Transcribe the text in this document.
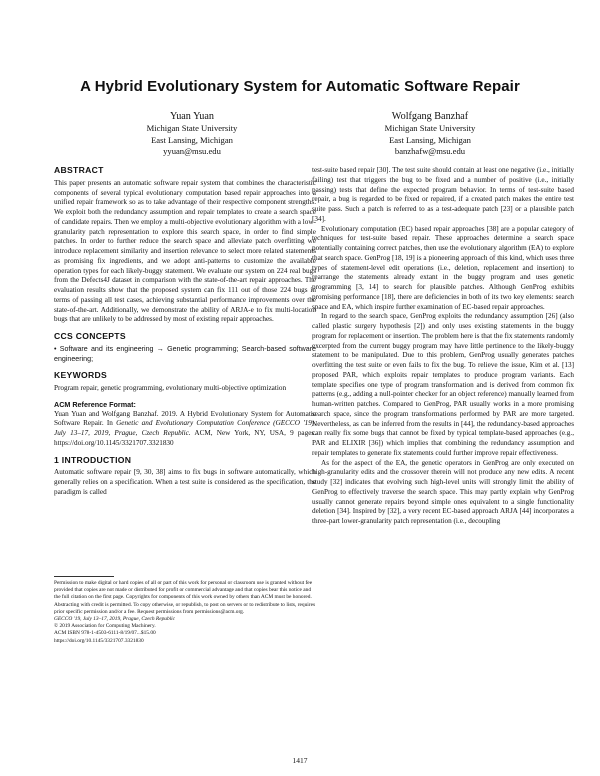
A Hybrid Evolutionary System for Automatic Software Repair
Yuan Yuan
Michigan State University
East Lansing, Michigan
yyuan@msu.edu
Wolfgang Banzhaf
Michigan State University
East Lansing, Michigan
banzhafw@msu.edu
ABSTRACT

This paper presents an automatic software repair system that combines the characteristic components of several typical evolutionary computation based repair approaches into a unified repair framework so as to take advantage of their respective component strengths. We exploit both the redundancy assumption and repair templates to create a search space of candidate repairs. Then we employ a multi-objective evolutionary algorithm with a low-granularity patch representation to explore this search space, in order to find simple patches. In order to further reduce the search space and alleviate patch overfitting we introduce replacement similarity and insertion relevance to select more related statements as promising fix ingredients, and we adopt anti-patterns to customize the available operation types for each likely-buggy statement. We evaluate our system on 224 real bugs from the Defects4J dataset in comparison with the state-of-the-art repair approaches. The evaluation results show that the proposed system can fix 111 out of those 224 bugs in terms of passing all test cases, achieving substantial performance improvements over the state-of-the-art. Additionally, we demonstrate the ability of ARJA-e to fix multi-location bugs that are unlikely to be addressed by most of existing repair approaches.

CCS CONCEPTS

• Software and its engineering → Genetic programming; Search-based software engineering;

KEYWORDS

Program repair, genetic programming, evolutionary multi-objective optimization

ACM Reference Format:

Yuan Yuan and Wolfgang Banzhaf. 2019. A Hybrid Evolutionary System for Automatic Software Repair. In Genetic and Evolutionary Computation Conference (GECCO '19), July 13–17, 2019, Prague, Czech Republic. ACM, New York, NY, USA, 9 pages. https://doi.org/10.1145/3321707.3321830

1 INTRODUCTION

Automatic software repair [9, 30, 38] aims to fix bugs in software automatically, which generally relies on a specification. When a test suite is considered as the specification, the paradigm is called

Permission to make digital or hard copies of all or part of this work for personal or classroom use is granted without fee provided that copies are not made or distributed for profit or commercial advantage and that copies bear this notice and the full citation on the first page. Copyrights for components of this work owned by others than ACM must be honored. Abstracting with credit is permitted. To copy otherwise, or republish, to post on servers or to redistribute to lists, requires prior specific permission and/or a fee. Request permissions from permissions@acm.org.
GECCO '19, July 13–17, 2019, Prague, Czech Republic
© 2019 Association for Computing Machinery.
ACM ISBN 978-1-4503-6111-8/19/07...$15.00
https://doi.org/10.1145/3321707.3321830

test-suite based repair [30]. The test suite should contain at least one negative (i.e., initially failing) test that triggers the bug to be fixed and a number of positive (i.e., initially passing) tests that define the expected program behavior. In terms of test-suite based repair, a bug is regarded to be fixed or repaired, if a created patch makes the entire test suite pass. Such a patch is referred to as a test-adequate patch [23] or a plausible patch [34].

Evolutionary computation (EC) based repair approaches [38] are a popular category of techniques for test-suite based repair. These approaches determine a search space potentially containing correct patches, then use the evolutionary algorithm (EA) to explore that search space. GenProg [18, 19] is a pioneering approach of this kind, which uses three types of statement-level edit operations (i.e., deletion, replacement and insertion) to rearrange the statements already extant in the buggy program and uses genetic programming [3, 14] to search for plausible patches. Although GenProg exhibits promising performance [18], there are deficiencies in both of its two key elements: search space and EA, which inspire further examination of EC-based repair approaches.

In regard to the search space, GenProg exploits the redundancy assumption [26] (also called plastic surgery hypothesis [2]) and only uses existing statements in the buggy program for replacement or insertion. The problem here is that the fix statements randomly excerpted from the current buggy program may have little pertinence to the likely-buggy statement to be manipulated. Due to this problem, GenProg usually generates patches overfitting the test suite or even fails to fix the bug. To relieve the issue, Kim et al. [13] proposed PAR, which exploits repair templates to produce program variants. Each template specifies one type of program transformation and is derived from common fix patterns (e.g., adding a null-pointer checker for an object reference) manually learned from human-written patches. Compared to GenProg, PAR usually works in a more promising search space, since the program transformations performed by PAR are more targeted. Nevertheless, as can be inferred from the results in [44], the redundancy-based approaches can really fix some bugs that cannot be fixed by typical template-based approaches (e.g., PAR and ELIXIR [36]) which implies that combining the redundancy assumption and repair templates to generate fix statements could further improve repair effectiveness.

As for the aspect of the EA, the genetic operators in GenProg are only executed on high-granularity edits and the crossover therein will not produce any new edits. A recent study [32] indicates that evolving such high-level units will strongly limit the ability of GenProg to effectively traverse the search space. This may partly explain why GenProg usually cannot generate repairs beyond simple ones equivalent to a single functionality deletion [34]. Inspired by [32], a very recent EC-based approach ARJA [44] incorporates a three-part lower-granularity patch representation (i.e., decoupling

1417
